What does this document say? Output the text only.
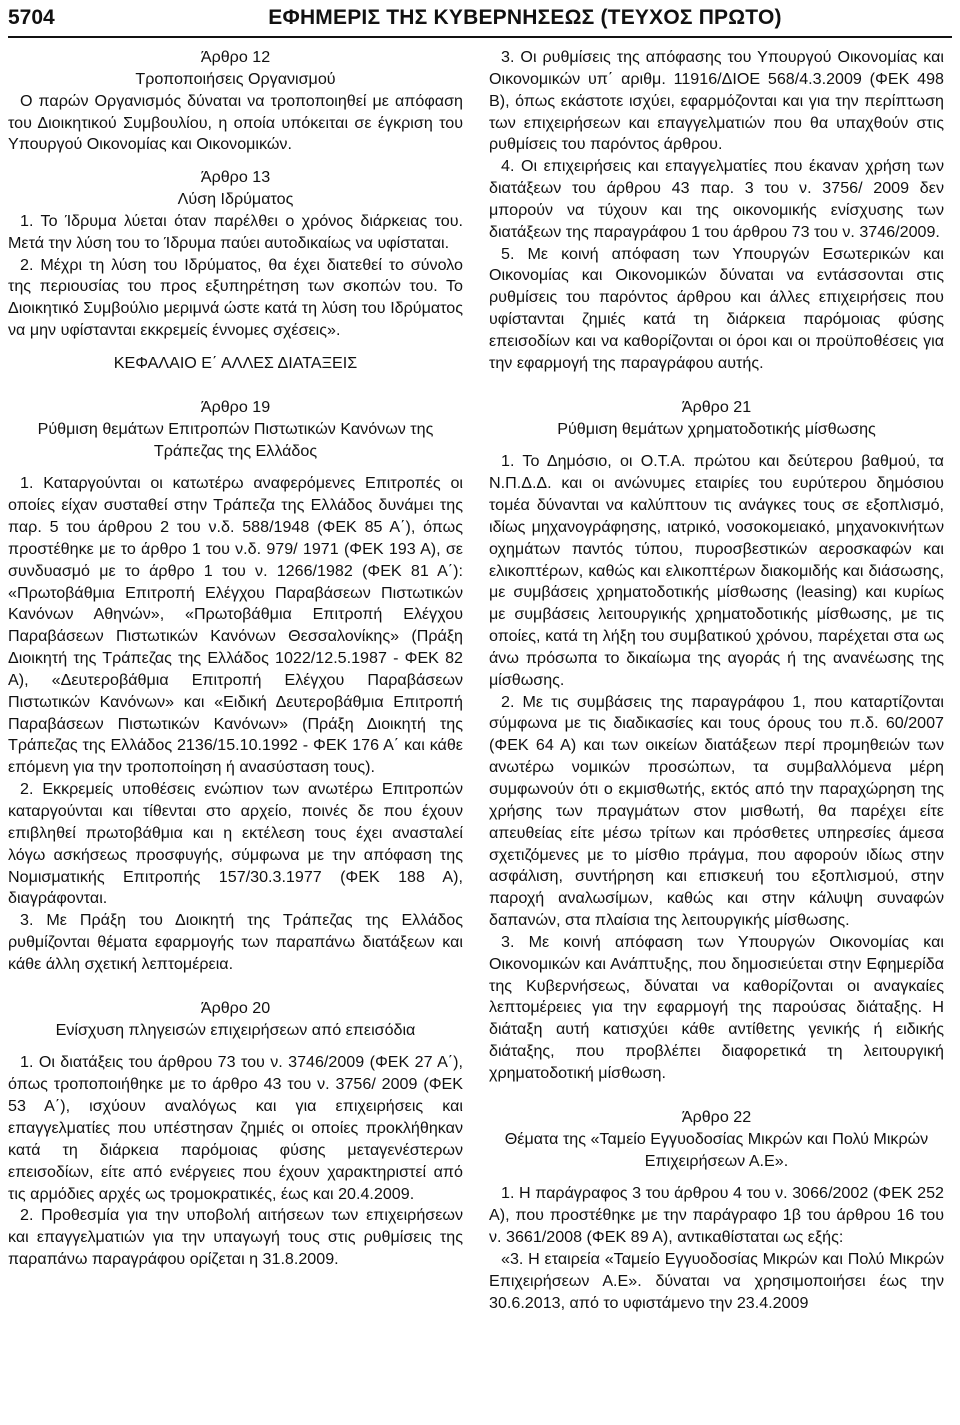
5704	ΕΦΗΜΕΡΙΣ ΤΗΣ ΚΥΒΕΡΝΗΣΕΩΣ (ΤΕΥΧΟΣ ΠΡΩΤΟ)

Άρθρο 12

Τροποποιήσεις Οργανισμού

Ο παρών Οργανισμός δύναται να τροποποιηθεί με απόφαση του Διοικητικού Συμβουλίου, η οποία υπόκειται σε έγκριση του Υπουργού Οικονομίας και Οικονομικών.

Άρθρο 13

Λύση Ιδρύματος

1. Το Ίδρυμα λύεται όταν παρέλθει ο χρόνος διάρκειας του. Μετά την λύση του το Ίδρυμα παύει αυτοδικαίως να υφίσταται.

2. Μέχρι τη λύση του Ιδρύματος, θα έχει διατεθεί το σύνολο της περιουσίας του προς εξυπηρέτηση των σκοπών του. Το Διοικητικό Συμβούλιο μεριμνά ώστε κατά τη λύση του Ιδρύματος να μην υφίστανται εκκρεμείς έννομες σχέσεις».

ΚΕΦΑΛΑΙΟ Ε΄ ΑΛΛΕΣ ΔΙΑΤΑΞΕΙΣ

Άρθρο 19

Ρύθμιση θεμάτων Επιτροπών Πιστωτικών Κανόνων της Τράπεζας της Ελλάδος

1. Καταργούνται οι κατωτέρω αναφερόμενες Επιτροπές οι οποίες είχαν συσταθεί στην Τράπεζα της Ελλάδος δυνάμει της παρ. 5 του άρθρου 2 του ν.δ. 588/1948 (ΦΕΚ 85 Α΄), όπως προστέθηκε με το άρθρο 1 του ν.δ. 979/ 1971 (ΦΕΚ 193 Α), σε συνδυασμό με το άρθρο 1 του ν. 1266/1982 (ΦΕΚ 81 Α΄): «Πρωτοβάθμια Επιτροπή Ελέγχου Παραβάσεων Πιστωτικών Κανόνων Αθηνών», «Πρωτοβάθμια Επιτροπή Ελέγχου Παραβάσεων Πιστωτικών Κανόνων Θεσσαλονίκης» (Πράξη Διοικητή της Τράπεζας της Ελλάδος 1022/12.5.1987 - ΦΕΚ 82 Α), «Δευτεροβάθμια Επιτροπή Ελέγχου Παραβάσεων Πιστωτικών Κανόνων» και «Ειδική Δευτεροβάθμια Επιτροπή Παραβάσεων Πιστωτικών Κανόνων» (Πράξη Διοικητή της Τράπεζας της Ελλάδος 2136/15.10.1992 - ΦΕΚ 176 Α΄ και κάθε επόμενη για την τροποποίηση ή ανασύσταση τους).

2. Εκκρεμείς υποθέσεις ενώπιον των ανωτέρω Επιτροπών καταργούνται και τίθενται στο αρχείο, ποινές δε που έχουν επιβληθεί πρωτοβάθμια και η εκτέλεση τους έχει ανασταλεί λόγω ασκήσεως προσφυγής, σύμφωνα με την απόφαση της Νομισματικής Επιτροπής 157/30.3.1977 (ΦΕΚ 188 Α), διαγράφονται.

3. Με Πράξη του Διοικητή της Τράπεζας της Ελλάδος ρυθμίζονται θέματα εφαρμογής των παραπάνω διατάξεων και κάθε άλλη σχετική λεπτομέρεια.

Άρθρο 20

Ενίσχυση πληγεισών επιχειρήσεων από επεισόδια

1. Οι διατάξεις του άρθρου 73 του ν. 3746/2009 (ΦΕΚ 27 Α΄), όπως τροποποιήθηκε με το άρθρο 43 του ν. 3756/ 2009 (ΦΕΚ 53 Α΄), ισχύουν αναλόγως και για επιχειρήσεις και επαγγελματίες που υπέστησαν ζημιές οι οποίες προκλήθηκαν κατά τη διάρκεια παρόμοιας φύσης μεταγενέστερων επεισοδίων, είτε από ενέργειες που έχουν χαρακτηριστεί από τις αρμόδιες αρχές ως τρομοκρατικές, έως και 20.4.2009.

2. Προθεσμία για την υποβολή αιτήσεων των επιχειρήσεων και επαγγελματιών για την υπαγωγή τους στις ρυθμίσεις της παραπάνω παραγράφου ορίζεται η 31.8.2009.

3. Οι ρυθμίσεις της απόφασης του Υπουργού Οικονομίας και Οικονομικών υπ΄ αριθμ. 11916/ΔΙΟΕ 568/4.3.2009 (ΦΕΚ 498 Β), όπως εκάστοτε ισχύει, εφαρμόζονται και για την περίπτωση των επιχειρήσεων και επαγγελματιών που θα υπαχθούν στις ρυθμίσεις του παρόντος άρθρου.

4. Οι επιχειρήσεις και επαγγελματίες που έκαναν χρήση των διατάξεων του άρθρου 43 παρ. 3 του ν. 3756/ 2009 δεν μπορούν να τύχουν και της οικονομικής ενίσχυσης των διατάξεων της παραγράφου 1 του άρθρου 73 του ν. 3746/2009.

5. Με κοινή απόφαση των Υπουργών Εσωτερικών και Οικονομίας και Οικονομικών δύναται να εντάσσονται στις ρυθμίσεις του παρόντος άρθρου και άλλες επιχειρήσεις που υφίστανται ζημιές κατά τη διάρκεια παρόμοιας φύσης επεισοδίων και να καθορίζονται οι όροι και οι προϋποθέσεις για την εφαρμογή της παραγράφου αυτής.

Άρθρο 21

Ρύθμιση θεμάτων χρηματοδοτικής μίσθωσης

1. Το Δημόσιο, οι Ο.Τ.Α. πρώτου και δεύτερου βαθμού, τα Ν.Π.Δ.Δ. και οι ανώνυμες εταιρίες του ευρύτερου δημόσιου τομέα δύνανται να καλύπτουν τις ανάγκες τους σε εξοπλισμό, ιδίως μηχανογράφησης, ιατρικό, νοσοκομειακό, μηχανοκινήτων οχημάτων παντός τύπου, πυροσβεστικών αεροσκαφών και ελικοπτέρων, καθώς και ελικοπτέρων διακομιδής και διάσωσης, με συμβάσεις χρηματοδοτικής μίσθωσης (leasing) και κυρίως με συμβάσεις λειτουργικής χρηματοδοτικής μίσθωσης, με τις οποίες, κατά τη λήξη του συμβατικού χρόνου, παρέχεται στα ως άνω πρόσωπα το δικαίωμα της αγοράς ή της ανανέωσης της μίσθωσης.

2. Με τις συμβάσεις της παραγράφου 1, που καταρτίζονται σύμφωνα με τις διαδικασίες και τους όρους του π.δ. 60/2007 (ΦΕΚ 64 Α) και των οικείων διατάξεων περί προμηθειών των ανωτέρω νομικών προσώπων, τα συμβαλλόμενα μέρη συμφωνούν ότι ο εκμισθωτής, εκτός από την παραχώρηση της χρήσης των πραγμάτων στον μισθωτή, θα παρέχει είτε απευθείας είτε μέσω τρίτων και πρόσθετες υπηρεσίες άμεσα σχετιζόμενες με το μίσθιο πράγμα, που αφορούν ιδίως στην ασφάλιση, συντήρηση και επισκευή του εξοπλισμού, στην παροχή αναλωσίμων, καθώς και στην κάλυψη συναφών δαπανών, στα πλαίσια της λειτουργικής μίσθωσης.

3. Με κοινή απόφαση των Υπουργών Οικονομίας και Οικονομικών και Ανάπτυξης, που δημοσιεύεται στην Εφημερίδα της Κυβερνήσεως, δύναται να καθορίζονται οι αναγκαίες λεπτομέρειες για την εφαρμογή της παρούσας διάταξης. Η διάταξη αυτή κατισχύει κάθε αντίθετης γενικής ή ειδικής διάταξης, που προβλέπει διαφορετικά τη λειτουργική χρηματοδοτική μίσθωση.

Άρθρο 22

Θέματα της «Ταμείο Εγγυοδοσίας Μικρών και Πολύ Μικρών Επιχειρήσεων Α.Ε».

1. Η παράγραφος 3 του άρθρου 4 του ν. 3066/2002 (ΦΕΚ 252 Α), που προστέθηκε με την παράγραφο 1β του άρθρου 16 του ν. 3661/2008 (ΦΕΚ 89 Α), αντικαθίσταται ως εξής:

«3. Η εταιρεία «Ταμείο Εγγυοδοσίας Μικρών και Πολύ Μικρών Επιχειρήσεων Α.Ε». δύναται να χρησιμοποιήσει έως την 30.6.2013, από το υφιστάμενο την 23.4.2009
